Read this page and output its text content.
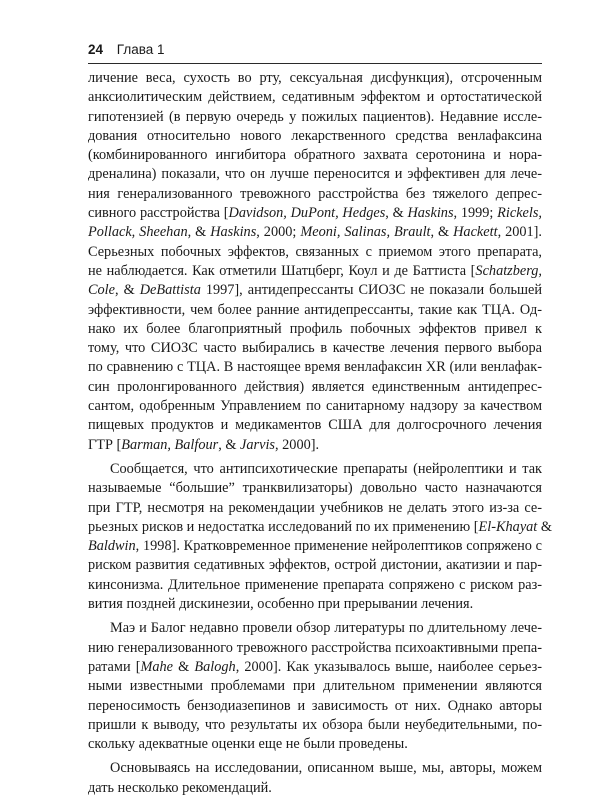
24 Глава 1

личение веса, сухость во рту, сексуальная дисфункция), отсроченным
анксиолитическим действием, седативным эффектом и ортостатической
гипотензией (в первую очередь у пожилых пациентов). Недавние иссле-
дования относительно нового лекарственного средства венлафаксина
(комбинированного ингибитора обратного захвата серотонина и нора-
дреналина) показали, что он лучше переносится и эффективен для лече-
ния генерализованного тревожного расстройства без тяжелого депрес-
сивного расстройства [Davidson, DuPont, Hedges, & Haskins, 1999; Rickels,
Pollack, Sheehan, & Haskins, 2000; Meoni, Salinas, Brault, & Hackett, 2001].
Серьезных побочных эффектов, связанных с приемом этого препарата,
не наблюдается. Как отметили Шатцберг, Коул и де Баттиста [Schatzberg,
Cole, & DeBattista 1997], антидепрессанты СИОЗС не показали большей
эффективности, чем более ранние антидепрессанты, такие как ТЦА. Од-
нако их более благоприятный профиль побочных эффектов привел к
тому, что СИОЗС часто выбирались в качестве лечения первого выбора
по сравнению с ТЦА. В настоящее время венлафаксин XR (или венлафак-
син пролонгированного действия) является единственным антидепрес-
сантом, одобренным Управлением по санитарному надзору за качеством
пищевых продуктов и медикаментов США для долгосрочного лечения
ГТР [Barman, Balfour, & Jarvis, 2000].

Сообщается, что антипсихотические препараты (нейролептики и так
называемые “большие” транквилизаторы) довольно часто назначаются
при ГТР, несмотря на рекомендации учебников не делать этого из-за се-
рьезных рисков и недостатка исследований по их применению [El-Khayat &
Baldwin, 1998]. Кратковременное применение нейролептиков сопряжено с
риском развития седативных эффектов, острой дистонии, акатизии и пар-
кинсонизма. Длительное применение препарата сопряжено с риском раз-
вития поздней дискинезии, особенно при прерывании лечения.

Маэ и Балог недавно провели обзор литературы по длительному лече-
нию генерализованного тревожного расстройства психоактивными препа-
ратами [Mahe & Balogh, 2000]. Как указывалось выше, наиболее серьез-
ными известными проблемами при длительном применении являются
переносимость бензодиазепинов и зависимость от них. Однако авторы
пришли к выводу, что результаты их обзора были неубедительными, по-
скольку адекватные оценки еще не были проведены.

Основываясь на исследовании, описанном выше, мы, авторы, можем
дать несколько рекомендаций.
